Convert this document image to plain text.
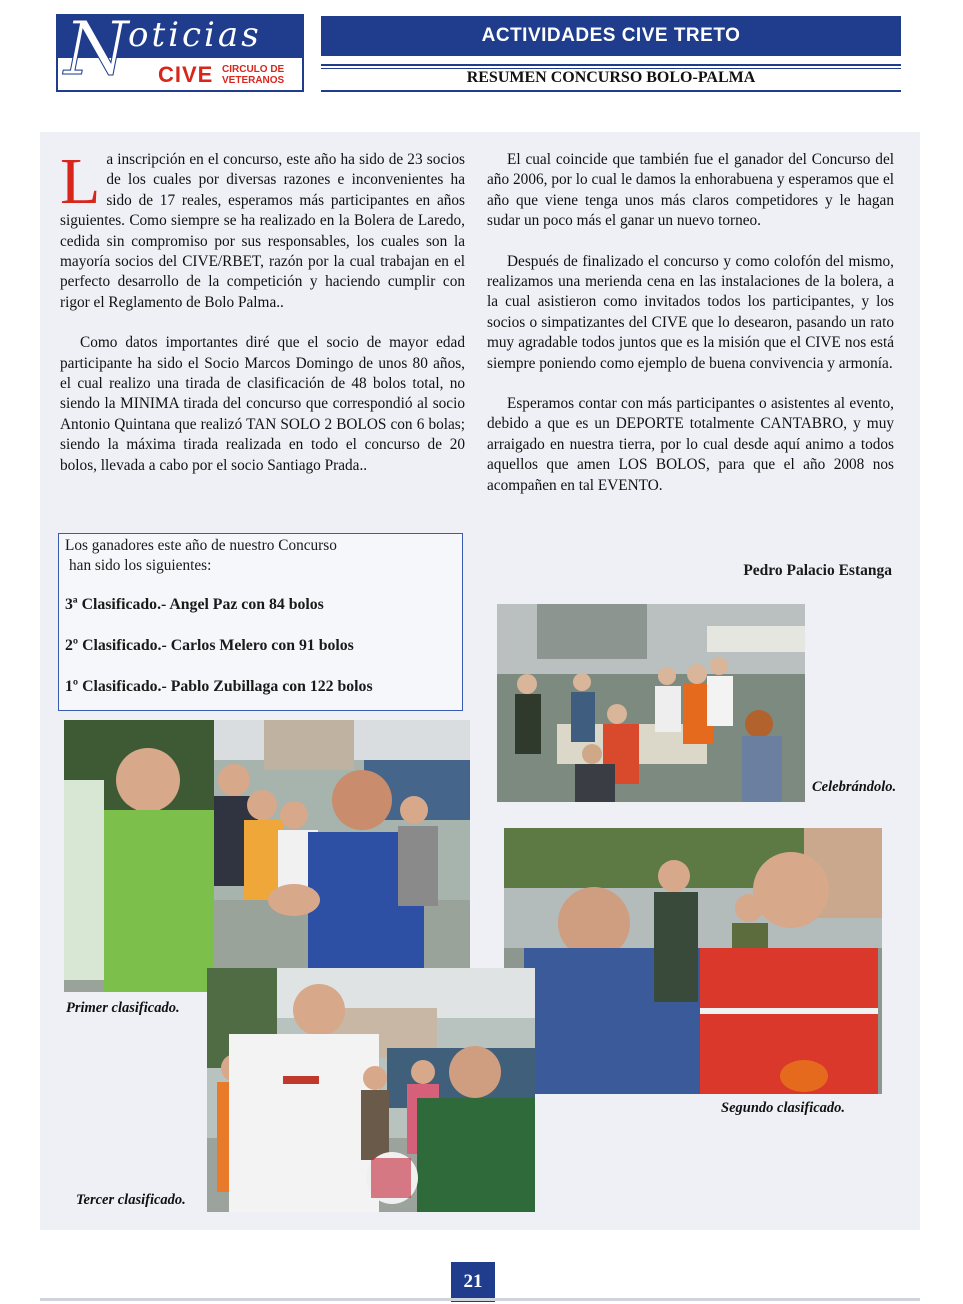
N oticias
CIVE CIRCULO DE
VETERANOS
ACTIVIDADES CIVE TRETO
RESUMEN CONCURSO BOLO-PALMA

La inscripción en el concurso, este año ha sido de 23 socios de los cuales por diversas razones e inconvenientes ha sido de 17 reales, esperamos más participantes en años siguientes. Como siempre se ha realizado en la Bolera de Laredo, cedida sin compromiso por sus responsables, los cuales son la mayoría socios del CIVE/RBET, razón por la cual trabajan en el perfecto desarrollo de la competición y haciendo cumplir con rigor el Reglamento de Bolo Palma..

Como datos importantes diré que el socio de mayor edad participante ha sido el Socio Marcos Domingo de unos 80 años, el cual realizo una tirada de clasificación de 48 bolos total, no siendo la MINIMA tirada del concurso que correspondió al socio Antonio Quintana que realizó TAN SOLO 2 BOLOS con 6 bolas; siendo la máxima tirada realizada en todo el concurso de 20 bolos, llevada a cabo por el socio Santiago Prada..

El cual coincide que también fue el ganador del Concurso del año 2006, por lo cual le damos la enhorabuena y esperamos que el año que viene tenga unos más claros competidores y le hagan sudar un poco más el ganar un nuevo torneo.

Después de finalizado el concurso y como colofón del mismo, realizamos una merienda cena en las instalaciones de la bolera, a la cual asistieron como invitados todos los participantes, y los socios o simpatizantes del CIVE que lo desearon, pasando un rato muy agradable todos juntos que es la misión que el CIVE nos está siempre poniendo como ejemplo de buena convivencia y armonía.

Esperamos contar con más participantes o asistentes al evento, debido a que es un DEPORTE totalmente CANTABRO, y muy arraigado en nuestra tierra, por lo cual desde aquí animo a todos aquellos que amen LOS BOLOS, para que el año 2008 nos acompañen en tal EVENTO.

Pedro Palacio Estanga
Los ganadores este año de nuestro Concurso
han sido los siguientes:
3ª Clasificado.- Angel Paz con 84 bolos
2º Clasificado.- Carlos Melero con 91 bolos
1º Clasificado.- Pablo Zubillaga con 122 bolos
Celebrándolo.
Primer clasificado.
Segundo clasificado.
Tercer clasificado.
21
